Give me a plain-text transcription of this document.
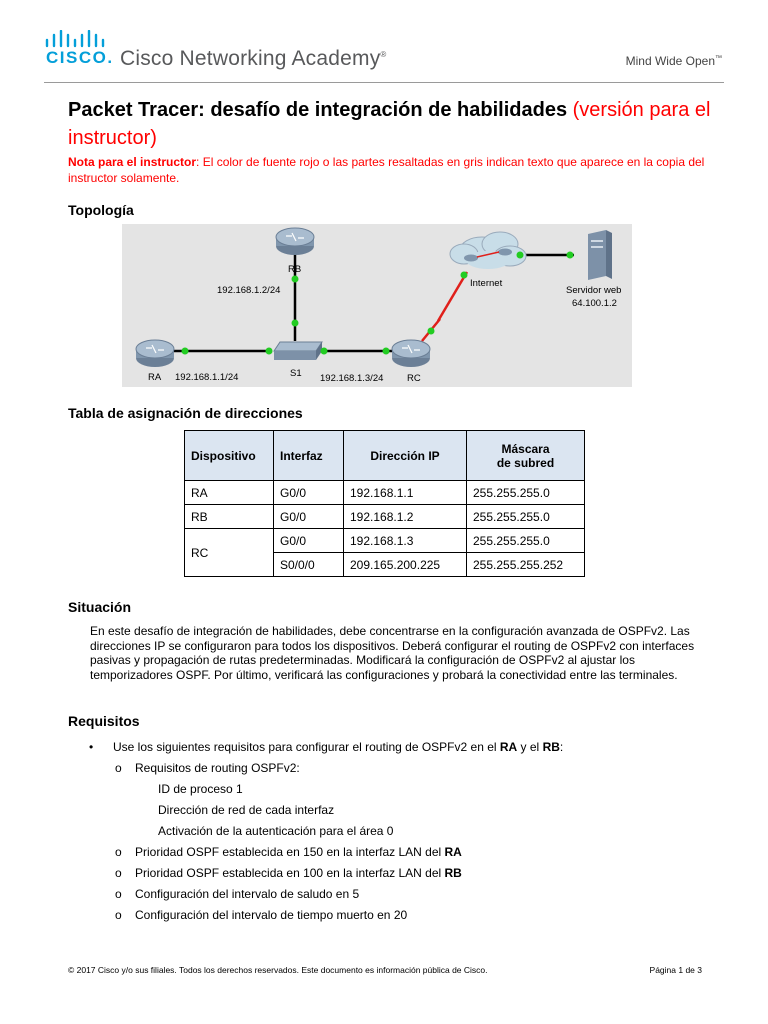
CISCO. Cisco Networking Academy®	Mind Wide Open™
Packet Tracer: desafío de integración de habilidades (versión para el instructor)
Nota para el instructor: El color de fuente rojo o las partes resaltadas en gris indican texto que aparece en la copia del instructor solamente.
Topología
RB
192.168.1.2/24
RA 192.168.1.1/24	S1 192.168.1.3/24 RC
Internet
Servidor web
64.100.1.2
Tabla de asignación de direcciones
Dispositivo	Interfaz	Dirección IP	Máscara
de subred
RA	G0/0	192.168.1.1	255.255.255.0
RB	G0/0	192.168.1.2	255.255.255.0
RC	G0/0	192.168.1.3	255.255.255.0
	S0/0/0	209.165.200.225	255.255.255.252
Situación
En este desafío de integración de habilidades, debe concentrarse en la configuración avanzada de OSPFv2. Las direcciones IP se configuraron para todos los dispositivos. Deberá configurar el routing de OSPFv2 con interfaces pasivas y propagación de rutas predeterminadas. Modificará la configuración de OSPFv2 al ajustar los temporizadores OSPF. Por último, verificará las configuraciones y probará la conectividad entre las terminales.
Requisitos
• Use los siguientes requisitos para configurar el routing de OSPFv2 en el RA y el RB:
o Requisitos de routing OSPFv2:
ID de proceso 1
Dirección de red de cada interfaz
Activación de la autenticación para el área 0
o Prioridad OSPF establecida en 150 en la interfaz LAN del RA
o Prioridad OSPF establecida en 100 en la interfaz LAN del RB
o Configuración del intervalo de saludo en 5
o Configuración del intervalo de tiempo muerto en 20
© 2017 Cisco y/o sus filiales. Todos los derechos reservados. Este documento es información pública de Cisco.	Página 1 de 3
